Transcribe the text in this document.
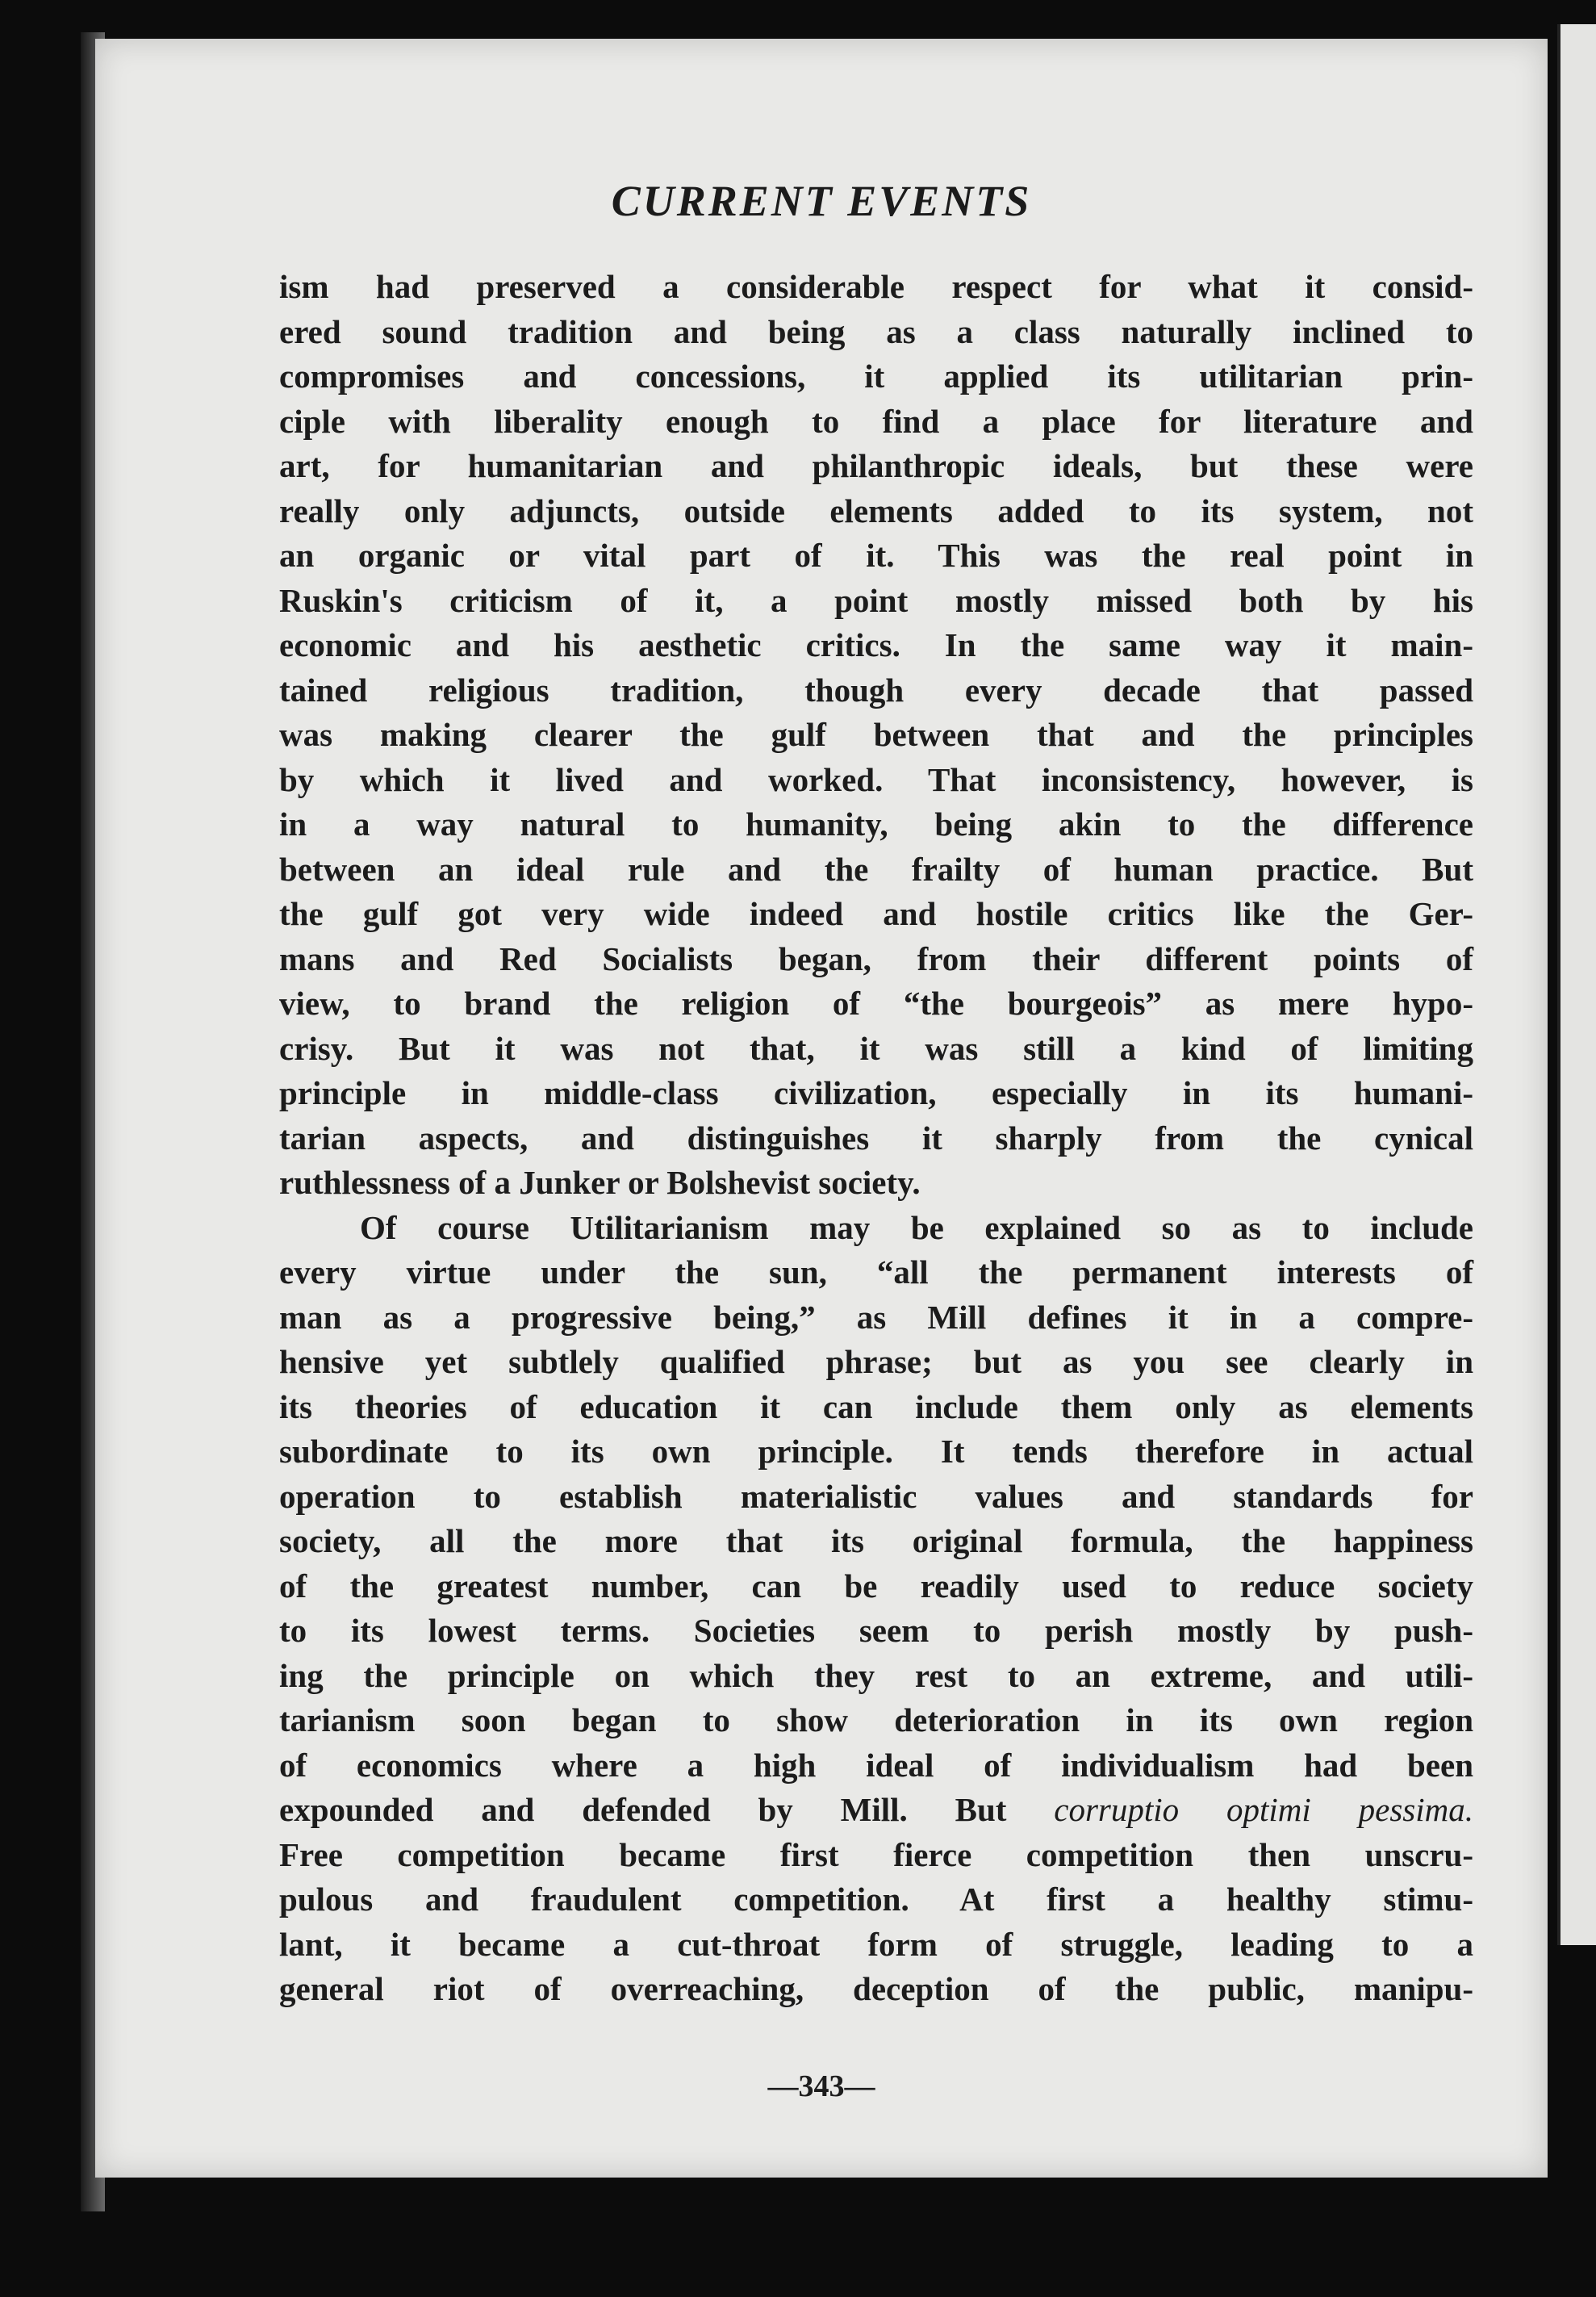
CURRENT EVENTS
ism had preserved a considerable respect for what it consid-
ered sound tradition and being as a class naturally inclined to
compromises and concessions, it applied its utilitarian prin-
ciple with liberality enough to find a place for literature and
art, for humanitarian and philanthropic ideals, but these were
really only adjuncts, outside elements added to its system, not
an organic or vital part of it. This was the real point in
Ruskin's criticism of it, a point mostly missed both by his
economic and his aesthetic critics. In the same way it main-
tained religious tradition, though every decade that passed
was making clearer the gulf between that and the principles
by which it lived and worked. That inconsistency, however, is
in a way natural to humanity, being akin to the difference
between an ideal rule and the frailty of human practice. But
the gulf got very wide indeed and hostile critics like the Ger-
mans and Red Socialists began, from their different points of
view, to brand the religion of “the bourgeois” as mere hypo-
crisy. But it was not that, it was still a kind of limiting
principle in middle-class civilization, especially in its humani-
tarian aspects, and distinguishes it sharply from the cynical
ruthlessness of a Junker or Bolshevist society.
Of course Utilitarianism may be explained so as to include
every virtue under the sun, “all the permanent interests of
man as a progressive being,” as Mill defines it in a compre-
hensive yet subtlely qualified phrase; but as you see clearly in
its theories of education it can include them only as elements
subordinate to its own principle. It tends therefore in actual
operation to establish materialistic values and standards for
society, all the more that its original formula, the happiness
of the greatest number, can be readily used to reduce society
to its lowest terms. Societies seem to perish mostly by push-
ing the principle on which they rest to an extreme, and utili-
tarianism soon began to show deterioration in its own region
of economics where a high ideal of individualism had been
expounded and defended by Mill. But corruptio optimi pessima.
Free competition became first fierce competition then unscru-
pulous and fraudulent competition. At first a healthy stimu-
lant, it became a cut-throat form of struggle, leading to a
general riot of overreaching, deception of the public, manipu-
—343—
